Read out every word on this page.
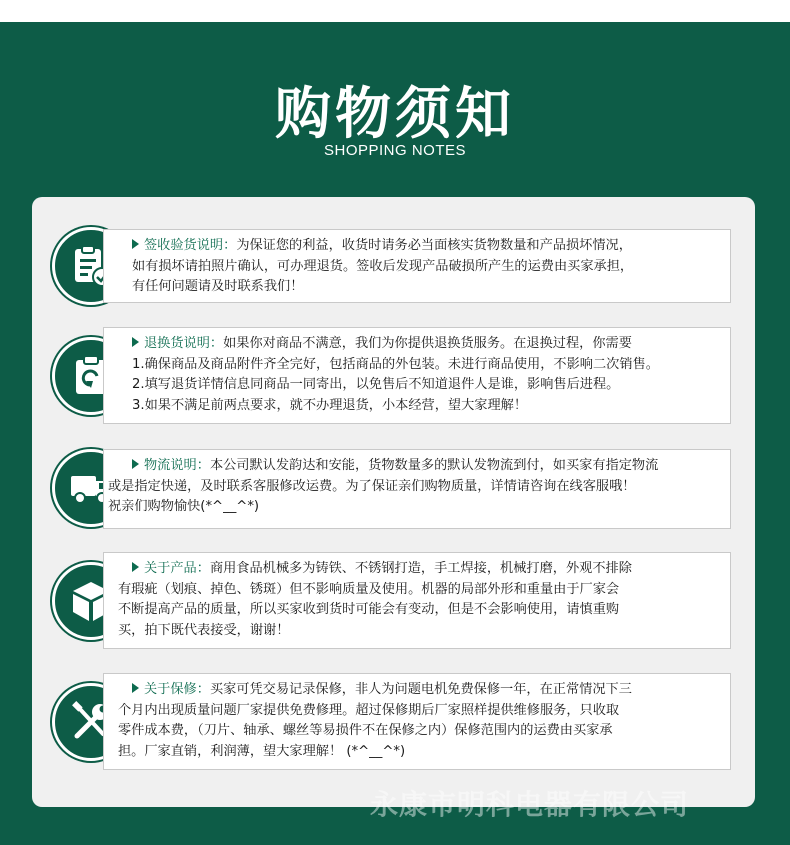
购物须知
SHOPPING NOTES

签收验货说明：为保证您的利益，收货时请务必当面核实货物数量和产品损坏情况，

如有损坏请拍照片确认，可办理退货。签收后发现产品破损所产生的运费由买家承担，

有任何问题请及时联系我们！

退换货说明：如果你对商品不满意，我们为你提供退换货服务。在退换过程，你需要

1.确保商品及商品附件齐全完好，包括商品的外包装。未进行商品使用，不影响二次销售。

2.填写退货详情信息同商品一同寄出，以免售后不知道退件人是谁，影响售后进程。

3.如果不满足前两点要求，就不办理退货，小本经营，望大家理解！

物流说明：本公司默认发韵达和安能，货物数量多的默认发物流到付，如买家有指定物流

或是指定快递，及时联系客服修改运费。为了保证亲们购物质量，详情请咨询在线客服哦！

祝亲们购物愉快(*^__^*)

关于产品：商用食品机械多为铸铁、不锈钢打造，手工焊接，机械打磨，外观不排除

有瑕疵（划痕、掉色、锈斑）但不影响质量及使用。机器的局部外形和重量由于厂家会

不断提高产品的质量，所以买家收到货时可能会有变动，但是不会影响使用，请慎重购

买，拍下既代表接受，谢谢！

关于保修：买家可凭交易记录保修，非人为问题电机免费保修一年，在正常情况下三

个月内出现质量问题厂家提供免费修理。超过保修期后厂家照样提供维修服务，只收取

零件成本费，（刀片、轴承、螺丝等易损件不在保修之内）保修范围内的运费由买家承

担。厂家直销，利润薄，望大家理解！ (*^__^*)

永康市明科电器有限公司
